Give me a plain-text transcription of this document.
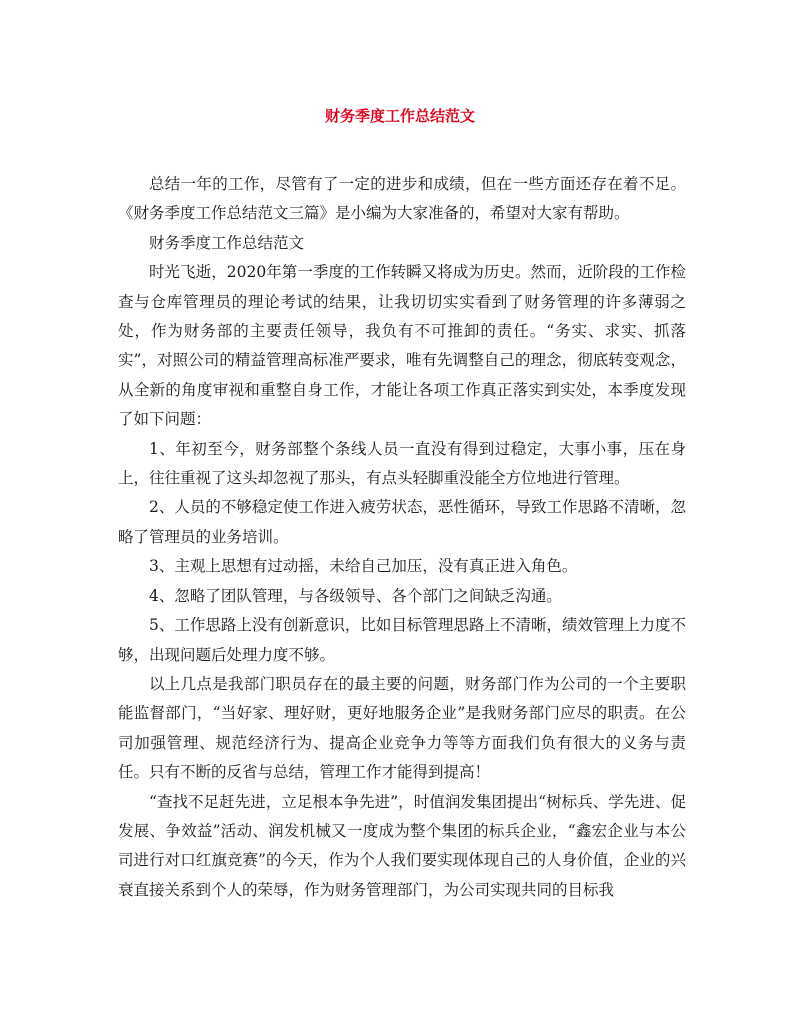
财务季度工作总结范文

总结一年的工作，尽管有了一定的进步和成绩，但在一些方面还存在着不足。《财务季度工作总结范文三篇》是小编为大家准备的，希望对大家有帮助。

财务季度工作总结范文

时光飞逝，2020年第一季度的工作转瞬又将成为历史。然而，近阶段的工作检查与仓库管理员的理论考试的结果，让我切切实实看到了财务管理的许多薄弱之处，作为财务部的主要责任领导，我负有不可推卸的责任。“务实、求实、抓落实”，对照公司的精益管理高标准严要求，唯有先调整自己的理念，彻底转变观念，从全新的角度审视和重整自身工作，才能让各项工作真正落实到实处，本季度发现了如下问题：

1、年初至今，财务部整个条线人员一直没有得到过稳定，大事小事，压在身上，往往重视了这头却忽视了那头，有点头轻脚重没能全方位地进行管理。

2、人员的不够稳定使工作进入疲劳状态，恶性循环，导致工作思路不清晰，忽略了管理员的业务培训。

3、主观上思想有过动摇，未给自己加压，没有真正进入角色。

4、忽略了团队管理，与各级领导、各个部门之间缺乏沟通。

5、工作思路上没有创新意识，比如目标管理思路上不清晰，绩效管理上力度不够，出现问题后处理力度不够。

以上几点是我部门职员存在的最主要的问题，财务部门作为公司的一个主要职能监督部门，“当好家、理好财，更好地服务企业”是我财务部门应尽的职责。在公司加强管理、规范经济行为、提高企业竞争力等等方面我们负有很大的义务与责任。只有不断的反省与总结，管理工作才能得到提高！

“查找不足赶先进，立足根本争先进”，时值润发集团提出“树标兵、学先进、促发展、争效益”活动、润发机械又一度成为整个集团的标兵企业，“鑫宏企业与本公司进行对口红旗竞赛”的今天，作为个人我们要实现体现自己的人身价值，企业的兴衰直接关系到个人的荣辱，作为财务管理部门，为公司实现共同的目标我
